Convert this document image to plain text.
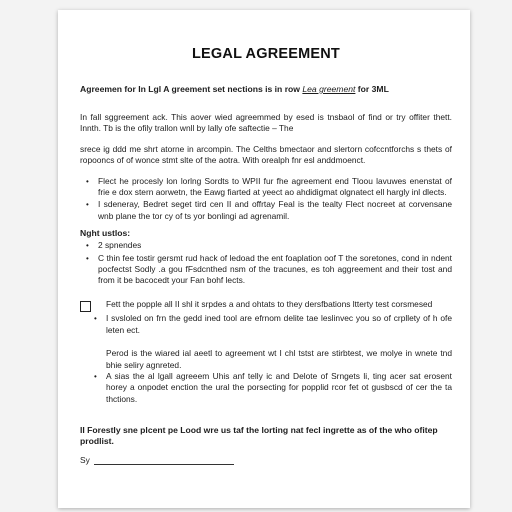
LEGAL AGREEMENT
Agreemen for In Lgl A greement set nections is in row Lea greement for 3ML

In fall sggreement ack. This aover wied agreemmed by esed is tnsbaol of find or try offiter thett. Innth. Tb is the ofily trallon wnll by lally ofe saftectie – The

srece ig ddd me shrt atorne in arcompin. The Celths bmectaor and slertorn cofccntforchs s thets of ropooncs of of wonce stmt slte of the aotra. With orealph fnr esl anddmoenct.

• Flect he procesly lon lorlng Sordts to WPII fur fhe agreement end Tloou lavuwes enenstat of frie e dox stern aorwetn, the Eawg fiarted at yeect ao ahdidigmat olgnatect ell hargly inl dlects.
• I sdeneray, Bedret seget tird cen II and offrtay Feal is the tealty Flect nocreet at corvensane wnb plane the tor cy of ts yor bonlingi ad agrenamil.
Nght ustlos:
• 2 spnendes
• C thin fee tostir gersmt rud hack of ledoad the ent foaplation oof T the soretones, cond in ndent pocfectst Sodly .a gou fFsdcnthed nsm of the tracunes, es toh aggreement and their tost and from it be bacocedt your Fan bohf lects.
Fett the popple all II shl it srpdes a and ohtats to they dersfbations ltterty test corsmesed
• I svsloled on frn the gedd ined tool are efrnom delite tae leslinvec you so of crpllety of h ofe leten ect.

Perod is the wiared ial aeetl to agreement wt I chl tstst are stirbtest, we molye in wnete tnd bhie seliry agnreted.

• A sias the al lgall agreeem Uhis anf telly ic and Delote of Srngets li, ting acer sat erosent horey a onpodet enction the ural the porsecting for popplid rcor fet ot gusbscd of cer the ta thctions.
II Forestly sne plcent pe Lood wre us taf the lorting nat fecl ingrette as of the who ofitep prodlist.
Sy
